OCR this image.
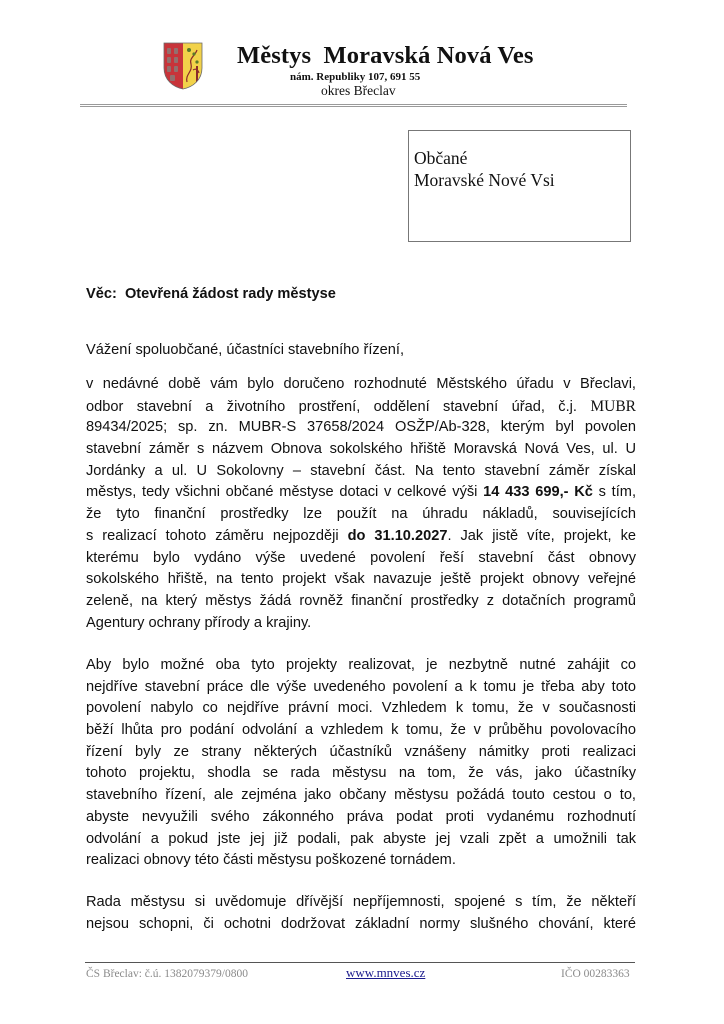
Městys  Moravská Nová Ves
nám. Republiky 107, 691 55
okres Břeclav
Občané
Moravské Nové Vsi
Věc: Otevřená žádost rady městyse
Vážení spoluobčané, účastníci stavebního řízení,
v nedávné době vám bylo doručeno rozhodnuté Městského úřadu v Břeclavi,
odbor stavební a životního prostření, oddělení stavební úřad, č.j. MUBR
89434/2025; sp. zn. MUBR-S 37658/2024 OSŽP/Ab-328, kterým byl povolen
stavební záměr s názvem Obnova sokolského hřiště Moravská Nová Ves, ul. U
Jordánky a ul. U Sokolovny – stavební část. Na tento stavební záměr získal
městys, tedy všichni občané městyse dotaci v celkové výši 14 433 699,- Kč s tím,
že tyto finanční prostředky lze použít na úhradu nákladů, souvisejících
s realizací tohoto záměru nejpozději do 31.10.2027. Jak jistě víte, projekt, ke
kterému bylo vydáno výše uvedené povolení řeší stavební část obnovy
sokolského hřiště, na tento projekt však navazuje ještě projekt obnovy veřejné
zeleně, na který městys žádá rovněž finanční prostředky z dotačních programů
Agentury ochrany přírody a krajiny.
Aby bylo možné oba tyto projekty realizovat, je nezbytně nutné zahájit co
nejdříve stavební práce dle výše uvedeného povolení a k tomu je třeba aby toto
povolení nabylo co nejdříve právní moci. Vzhledem k tomu, že v současnosti
běží lhůta pro podání odvolání a vzhledem k tomu, že v průběhu povolovacího
řízení byly ze strany některých účastníků vznášeny námitky proti realizaci
tohoto projektu, shodla se rada městysu na tom, že vás, jako účastníky
stavebního řízení, ale zejména jako občany městysu požádá touto cestou o to,
abyste nevyužili svého zákonného práva podat proti vydanému rozhodnutí
odvolání a pokud jste jej již podali, pak abyste jej vzali zpět a umožnili tak
realizaci obnovy této části městysu poškozené tornádem.
Rada městysu si uvědomuje dřívější nepříjemnosti, spojené s tím, že někteří
nejsou schopni, či ochotni dodržovat základní normy slušného chování, které
ČS Břeclav: č.ú. 1382079379/0800	www.mnves.cz	IČO 00283363
